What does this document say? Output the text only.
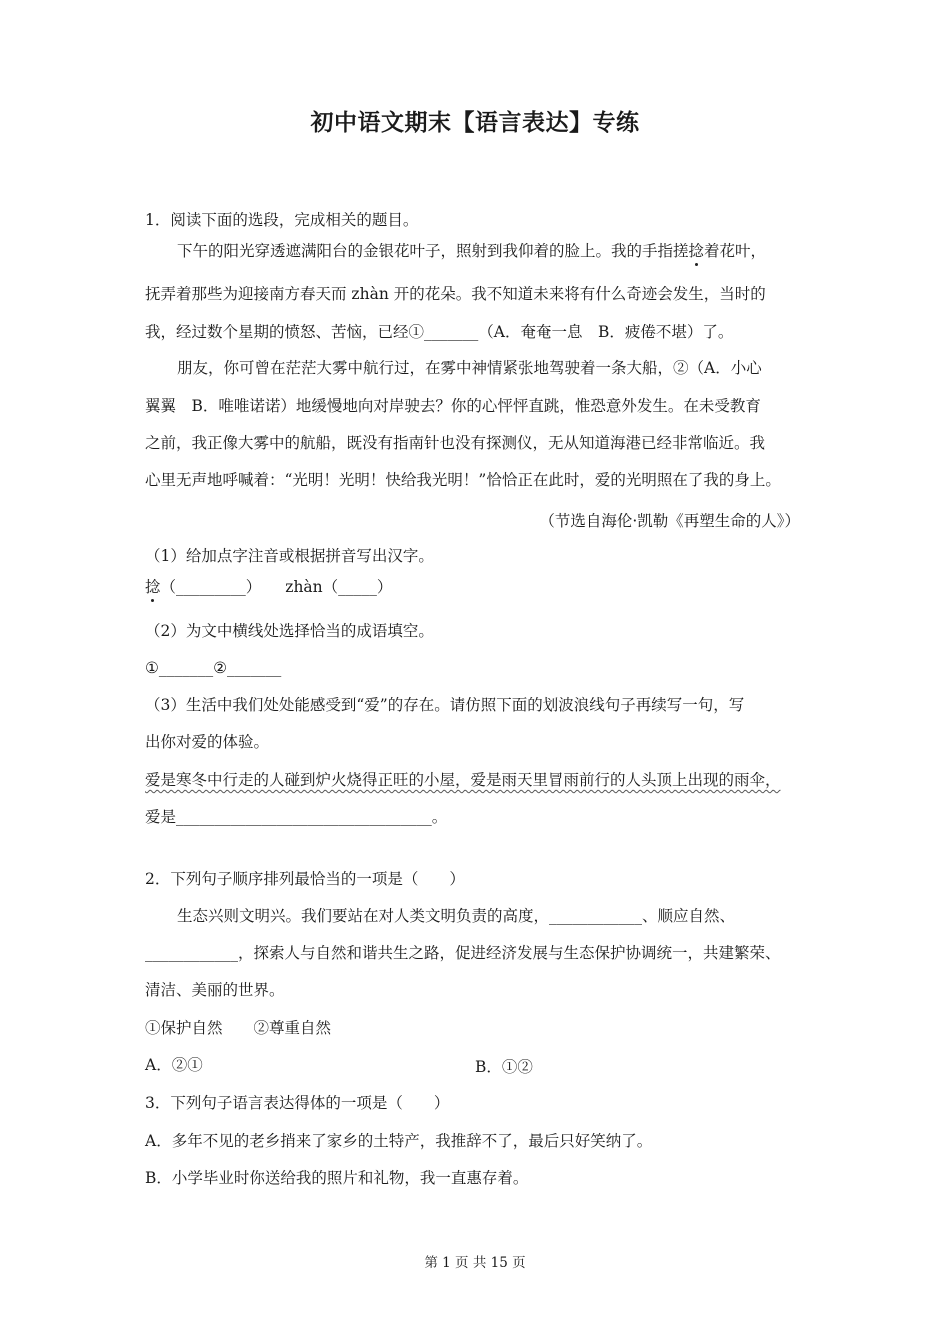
初中语文期末【语言表达】专练
1．阅读下面的选段，完成相关的题目。
下午的阳光穿透遮满阳台的金银花叶子，照射到我仰着的脸上。我的手指搓捻着花叶，
抚弄着那些为迎接南方春天而 zhàn 开的花朵。我不知道未来将有什么奇迹会发生，当时的
我，经过数个星期的愤怒、苦恼，已经①_______（A．奄奄一息　B．疲倦不堪）了。
朋友，你可曾在茫茫大雾中航行过，在雾中神情紧张地驾驶着一条大船，②（A．小心
翼翼　B．唯唯诺诺）地缓慢地向对岸驶去？你的心怦怦直跳，惟恐意外发生。在未受教育
之前，我正像大雾中的航船，既没有指南针也没有探测仪，无从知道海港已经非常临近。我
心里无声地呼喊着：“光明！光明！快给我光明！”恰恰正在此时，爱的光明照在了我的身上。
（节选自海伦·凯勒《再塑生命的人》）
（1）给加点字注音或根据拼音写出汉字。
捻（_________） zhàn（_____）
（2）为文中横线处选择恰当的成语填空。
①_______②_______
（3）生活中我们处处能感受到“爱”的存在。请仿照下面的划波浪线句子再续写一句，写
出你对爱的体验。
爱是寒冬中行走的人碰到炉火烧得正旺的小屋，爱是雨天里冒雨前行的人头顶上出现的雨伞，
爱是_________________________________。
2．下列句子顺序排列最恰当的一项是（　　）
生态兴则文明兴。我们要站在对人类文明负责的高度，____________、顺应自然、
____________，探索人与自然和谐共生之路，促进经济发展与生态保护协调统一，共建繁荣、
清洁、美丽的世界。
①保护自然　　②尊重自然
A．②①	B．①②
3．下列句子语言表达得体的一项是（　　）
A．多年不见的老乡捎来了家乡的土特产，我推辞不了，最后只好笑纳了。
B．小学毕业时你送给我的照片和礼物，我一直惠存着。
第 1 页 共 15 页
